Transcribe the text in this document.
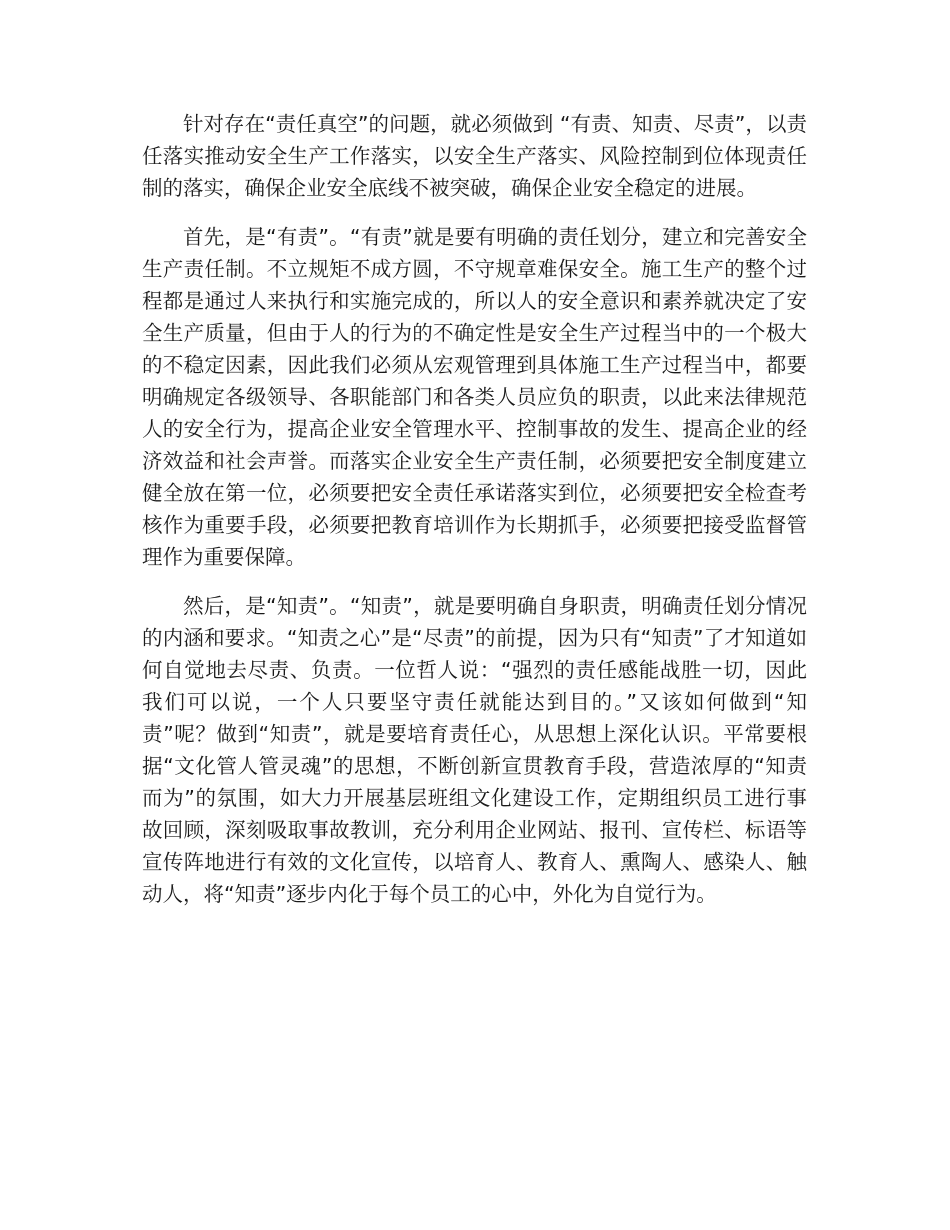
针对存在“责任真空”的问题，就必须做到 “有责、知责、尽责”，以责任落实推动安全生产工作落实，以安全生产落实、风险控制到位体现责任制的落实，确保企业安全底线不被突破，确保企业安全稳定的进展。

首先，是“有责”。“有责”就是要有明确的责任划分，建立和完善安全生产责任制。不立规矩不成方圆，不守规章难保安全。施工生产的整个过程都是通过人来执行和实施完成的，所以人的安全意识和素养就决定了安全生产质量，但由于人的行为的不确定性是安全生产过程当中的一个极大的不稳定因素，因此我们必须从宏观管理到具体施工生产过程当中，都要明确规定各级领导、各职能部门和各类人员应负的职责，以此来法律规范人的安全行为，提高企业安全管理水平、控制事故的发生、提高企业的经济效益和社会声誉。而落实企业安全生产责任制，必须要把安全制度建立健全放在第一位，必须要把安全责任承诺落实到位，必须要把安全检查考核作为重要手段，必须要把教育培训作为长期抓手，必须要把接受监督管理作为重要保障。

然后，是“知责”。“知责”，就是要明确自身职责，明确责任划分情况的内涵和要求。“知责之心”是“尽责”的前提，因为只有“知责”了才知道如何自觉地去尽责、负责。一位哲人说：“强烈的责任感能战胜一切，因此我们可以说，一个人只要坚守责任就能达到目的。”又该如何做到“知责”呢？做到“知责”，就是要培育责任心，从思想上深化认识。平常要根据“文化管人管灵魂”的思想，不断创新宣贯教育手段，营造浓厚的“知责而为”的氛围，如大力开展基层班组文化建设工作，定期组织员工进行事故回顾，深刻吸取事故教训，充分利用企业网站、报刊、宣传栏、标语等宣传阵地进行有效的文化宣传，以培育人、教育人、熏陶人、感染人、触动人，将“知责”逐步内化于每个员工的心中，外化为自觉行为。
